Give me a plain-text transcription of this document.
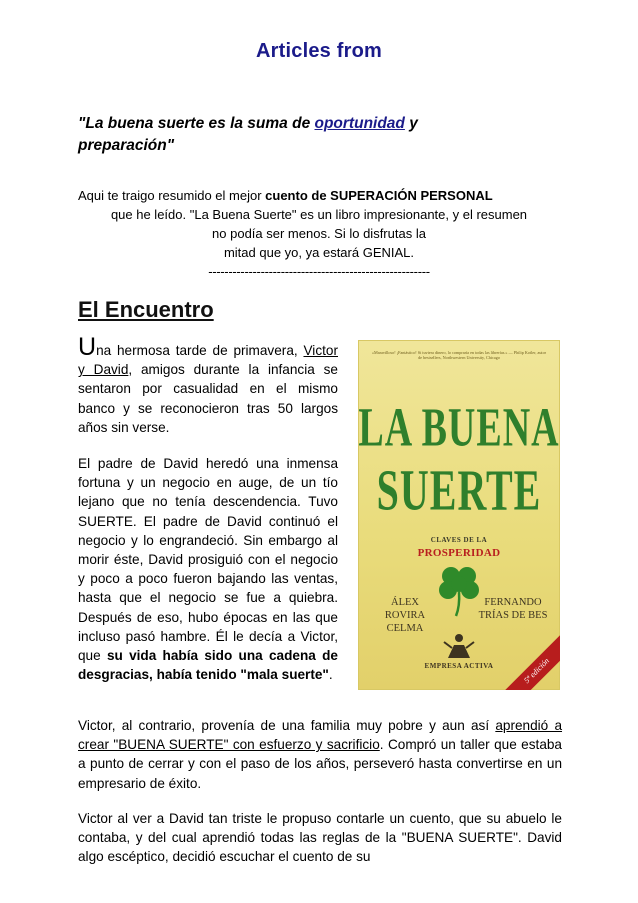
Articles from
"La buena suerte es la suma de oportunidad y preparación"
Aqui te traigo resumido el mejor cuento de SUPERACIÓN PERSONAL
que he leído. "La Buena Suerte" es un libro impresionante, y el resumen
no podía ser menos. Si lo disfrutas la
mitad que yo, ya estará GENIAL.
-------------------------------------------------------
El Encuentro

Una hermosa tarde de primavera, Victor y David, amigos durante la infancia se sentaron por casualidad en el mismo banco y se reconocieron tras 50 largos años sin verse.

El padre de David heredó una inmensa fortuna y un negocio en auge, de un tío lejano que no tenía descendencia. Tuvo SUERTE. El padre de David continuó el negocio y lo engrandeció. Sin embargo al morir éste, David prosiguió con el negocio y poco a poco fueron bajando las ventas, hasta que el negocio se fue a quiebra. Después de eso, hubo épocas en las que incluso pasó hambre. Él le decía a Victor, que su vida había sido una cadena de desgracias, había tenido "mala suerte".

«Maravilloso! ¡Fantástico! Si tuviera dinero, lo compraría en todas las librerías.» — Philip Kotler, autor de bestsellers, Northwestern University, Chicago
LA BUENA
SUERTE
CLAVES DE LA
PROSPERIDAD
ÁLEX
ROVIRA CELMA
FERNANDO
TRÍAS DE BES
EMPRESA ACTIVA	5ª edición

Victor, al contrario, provenía de una familia muy pobre y aun así aprendió a crear "BUENA SUERTE" con esfuerzo y sacrificio. Compró un taller que estaba a punto de cerrar y con el paso de los años, perseveró hasta convertirse en un empresario de éxito.

Victor al ver a David tan triste le propuso contarle un cuento, que su abuelo le contaba, y del cual aprendió todas las reglas de la "BUENA SUERTE". David algo escéptico, decidió escuchar el cuento de su
